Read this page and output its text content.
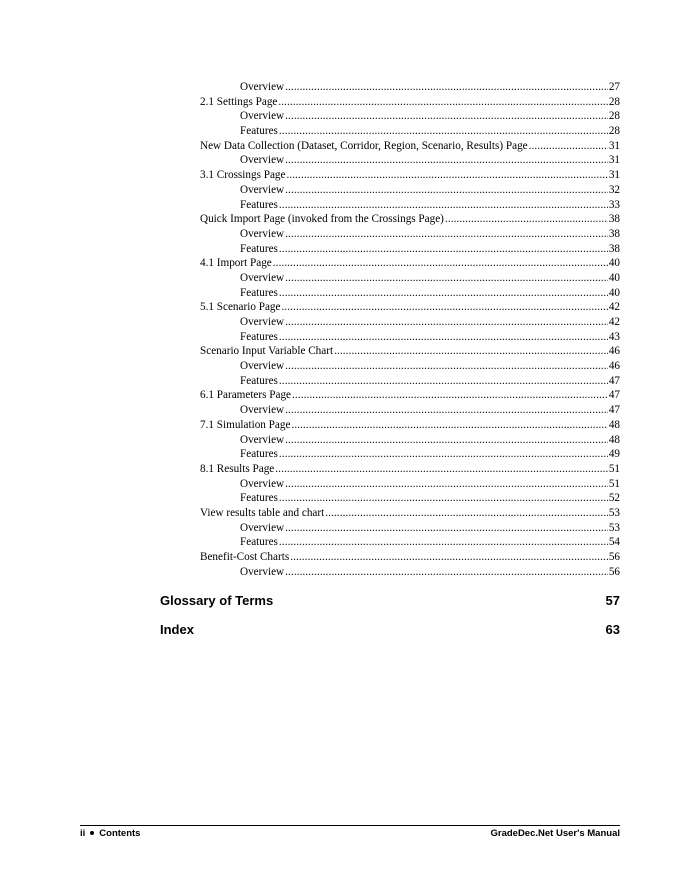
Overview .....	27
2.1 Settings Page .....	28
Overview .....	28
Features .....	28
New Data Collection (Dataset, Corridor, Region, Scenario, Results) Page .....	31
Overview .....	31
3.1 Crossings Page .....	31
Overview .....	32
Features .....	33
Quick Import Page (invoked from the Crossings Page) .....	38
Overview .....	38
Features .....	38
4.1 Import Page .....	40
Overview .....	40
Features .....	40
5.1 Scenario Page .....	42
Overview .....	42
Features .....	43
Scenario Input Variable Chart .....	46
Overview .....	46
Features .....	47
6.1 Parameters Page .....	47
Overview .....	47
7.1 Simulation Page .....	48
Overview .....	48
Features .....	49
8.1 Results Page .....	51
Overview .....	51
Features .....	52
View results table and chart .....	53
Overview .....	53
Features .....	54
Benefit-Cost Charts .....	56
Overview .....	56
Glossary of Terms	57
Index	63
ii Contents	GradeDec.Net User's Manual
